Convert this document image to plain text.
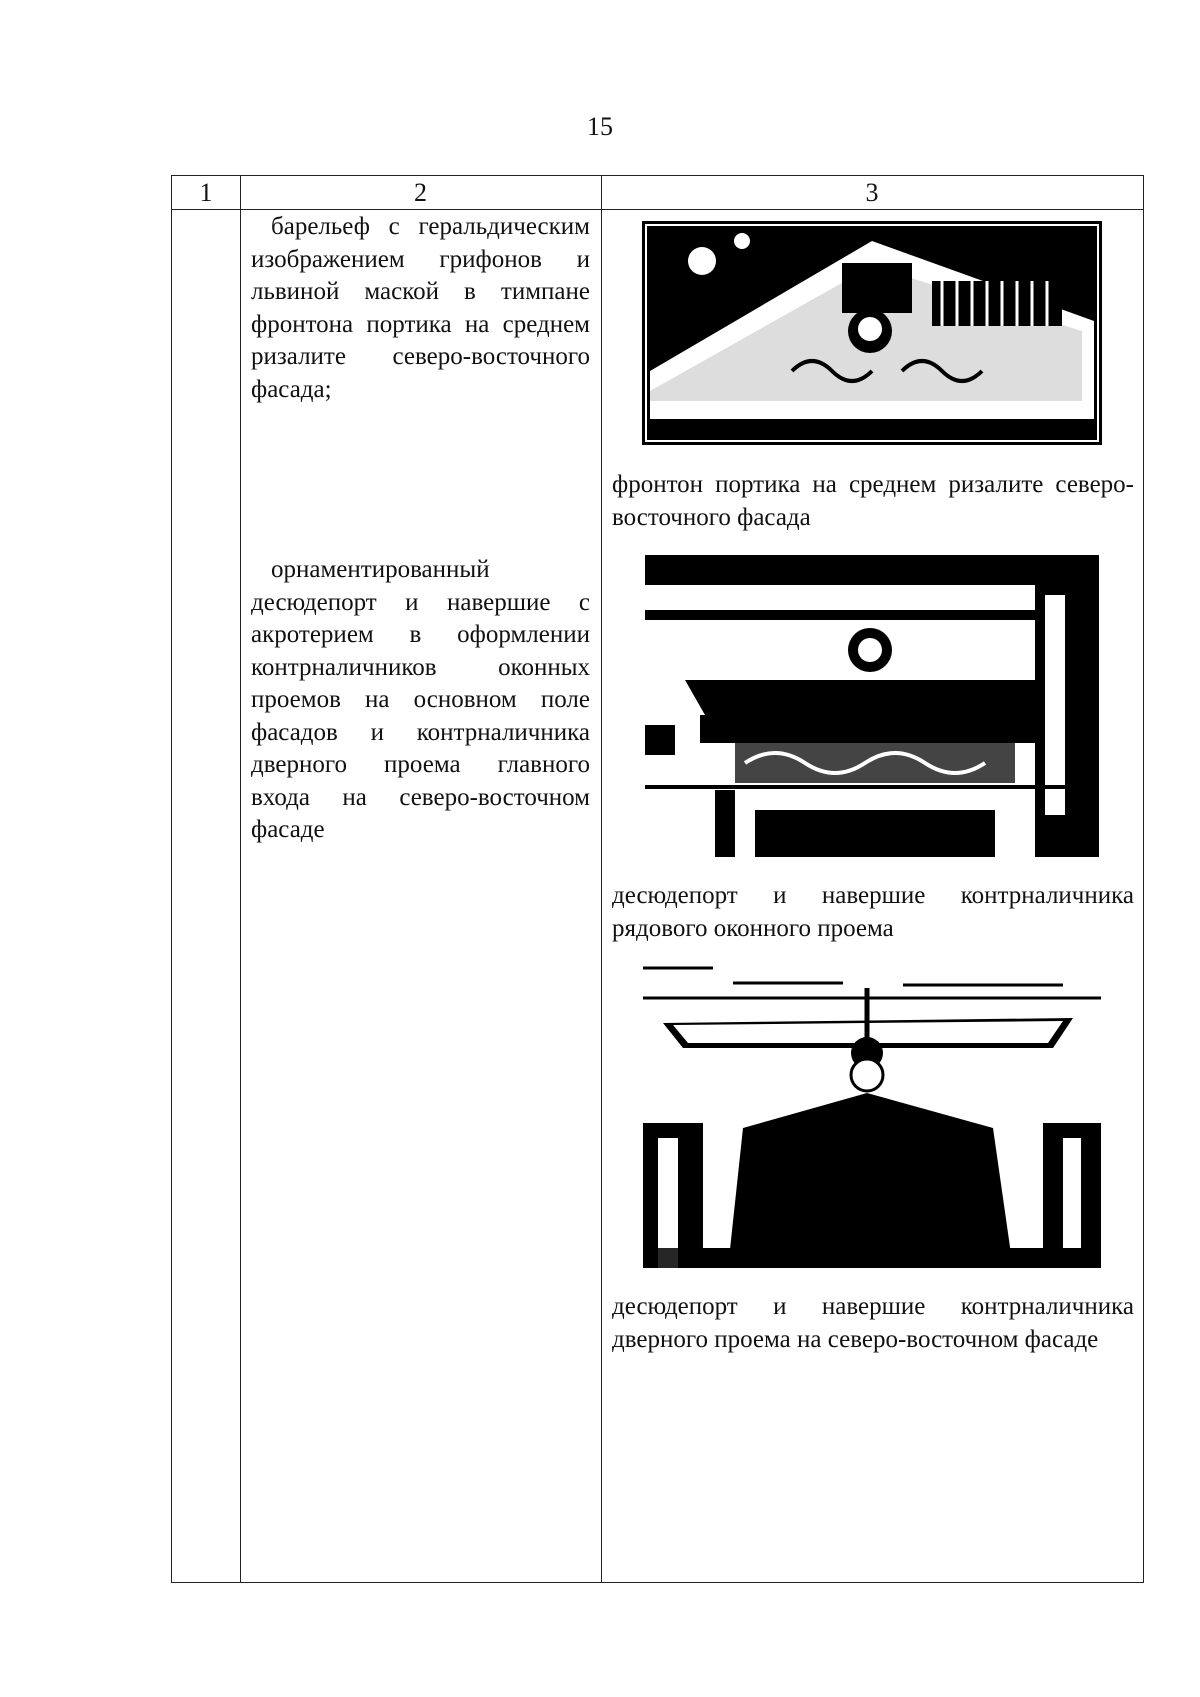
15
1	2	3
барельеф с геральдическим изображением грифонов и львиной маской в тимпане фронтона портика на среднем ризалите северо-восточного фасада;
орнаментированный десюдепорт и навершие с акротерием в оформлении контрналичников оконных проемов на основном поле фасадов и контрналичника дверного проема главного входа на северо-восточном фасаде
фронтон портика на среднем ризалите северо-восточного фасада
десюдепорт и навершие контрналичника рядового оконного проема
десюдепорт и навершие контрналичника дверного проема на северо-восточном фасаде
